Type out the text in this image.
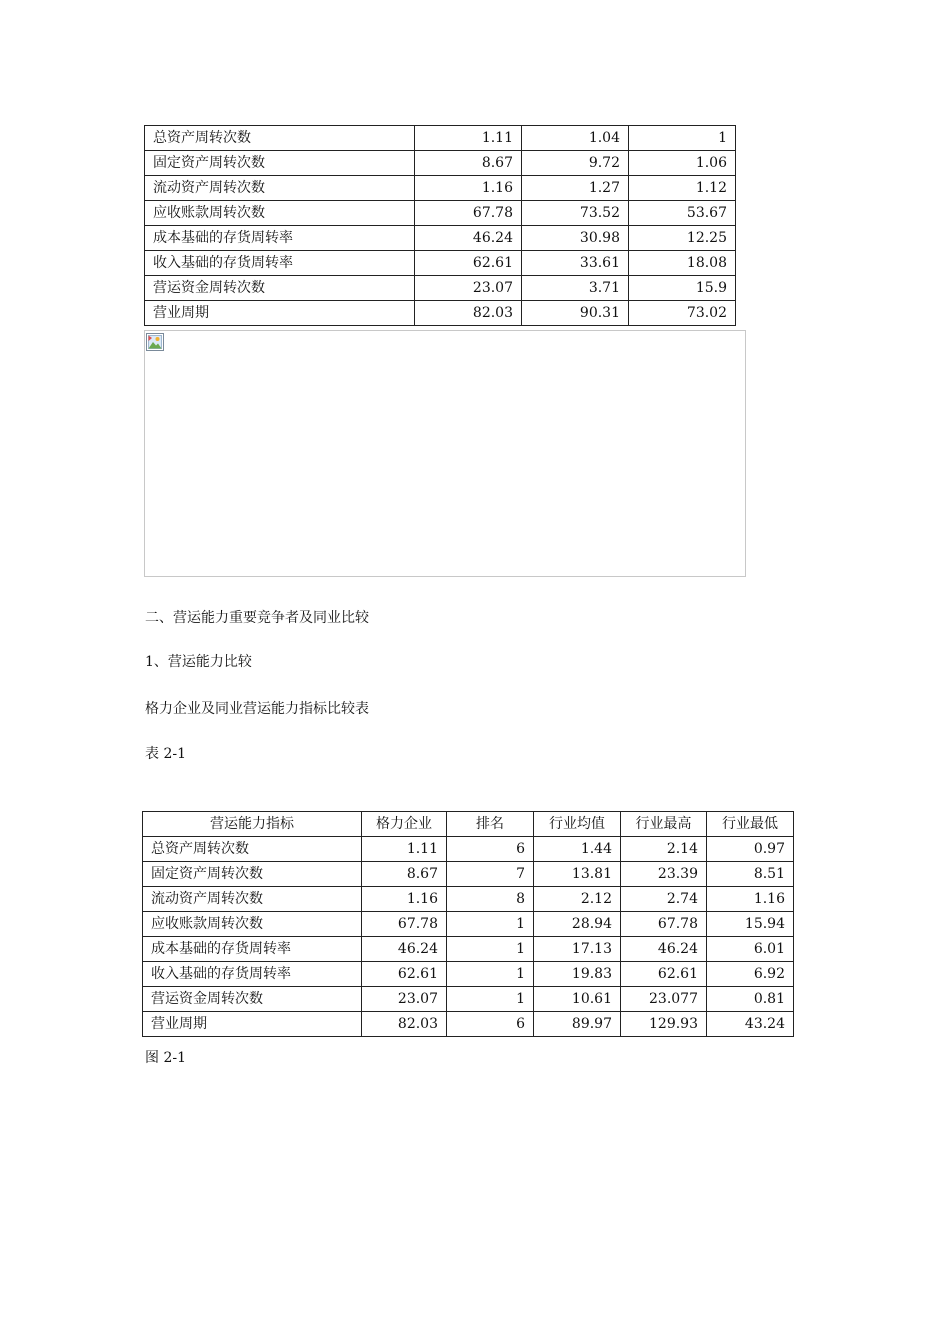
总资产周转次数	1.11	1.04	1
固定资产周转次数	8.67	9.72	1.06
流动资产周转次数	1.16	1.27	1.12
应收账款周转次数	67.78	73.52	53.67
成本基础的存货周转率	46.24	30.98	12.25
收入基础的存货周转率	62.61	33.61	18.08
营运资金周转次数	23.07	3.71	15.9
营业周期	82.03	90.31	73.02
二、营运能力重要竞争者及同业比较
1、营运能力比较
格力企业及同业营运能力指标比较表
表 2-1
营运能力指标	格力企业	排名	行业均值	行业最高	行业最低
总资产周转次数	1.11	6	1.44	2.14	0.97
固定资产周转次数	8.67	7	13.81	23.39	8.51
流动资产周转次数	1.16	8	2.12	2.74	1.16
应收账款周转次数	67.78	1	28.94	67.78	15.94
成本基础的存货周转率	46.24	1	17.13	46.24	6.01
收入基础的存货周转率	62.61	1	19.83	62.61	6.92
营运资金周转次数	23.07	1	10.61	23.077	0.81
营业周期	82.03	6	89.97	129.93	43.24
图 2-1
